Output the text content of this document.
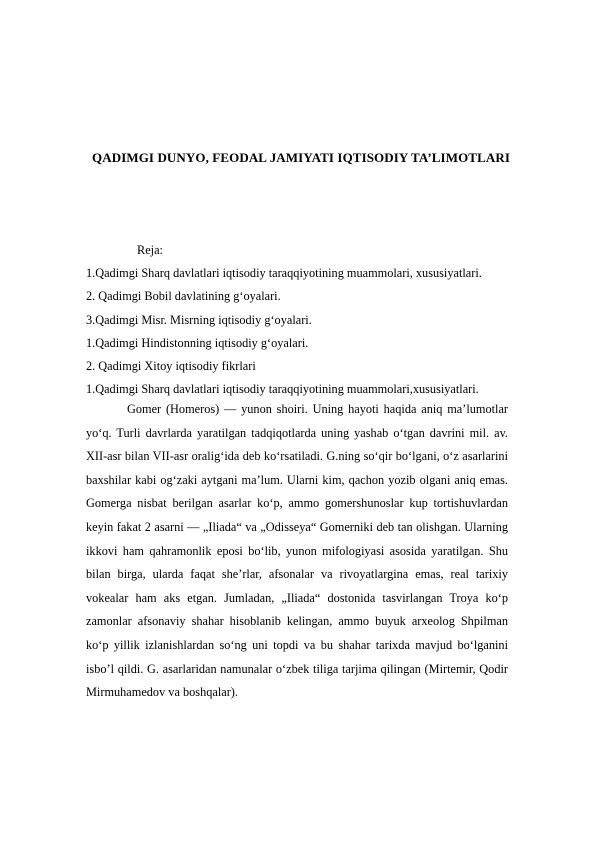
QADIMGI DUNYO, FEODAL JAMIYATI IQTISODIY TA’LIMOTLARI
Reja:
1.Qadimgi Sharq davlatlari iqtisodiy taraqqiyotining muammolari, xususiyatlari.
2. Qadimgi Bobil davlatining g‘oyalari.
3.Qadimgi Misr. Misrning iqtisodiy g‘oyalari.
1.Qadimgi Hindistonning iqtisodiy g‘oyalari.
2. Qadimgi Xitoy iqtisodiy fikrlari
1.Qadimgi Sharq davlatlari iqtisodiy taraqqiyotining muammolari,xususiyatlari.

Gomer (Homeros) — yunon shoiri. Uning hayoti haqida aniq ma’lumotlar yo‘q. Turli davrlarda yaratilgan tadqiqotlarda uning yashab o‘tgan davrini mil. av. XII-asr bilan VII-asr oralig‘ida deb ko‘rsatiladi. G.ning so‘qir bo‘lgani, o‘z asarlarini baxshilar kabi og‘zaki aytgani ma’lum. Ularni kim, qachon yozib olgani aniq emas. Gomerga nisbat berilgan asarlar ko‘p, ammo gomershunoslar kup tortishuvlardan keyin fakat 2 asarni — „Iliada“ va „Odisseya“ Gomerniki deb tan olishgan. Ularning ikkovi ham qahramonlik eposi bo‘lib, yunon mifologiyasi asosida yaratilgan. Shu bilan birga, ularda faqat she’rlar, afsonalar va rivoyatlargina emas, real tarixiy vokealar ham aks etgan. Jumladan, „Iliada“ dostonida tasvirlangan Troya ko‘p zamonlar afsonaviy shahar hisoblanib kelingan, ammo buyuk arxeolog Shpilman ko‘p yillik izlanishlardan so‘ng uni topdi va bu shahar tarixda mavjud bo‘lganini isbo’l qildi. G. asarlaridan namunalar o‘zbek tiliga tarjima qilingan (Mirtemir, Qodir Mirmuhamedov va boshqalar).
